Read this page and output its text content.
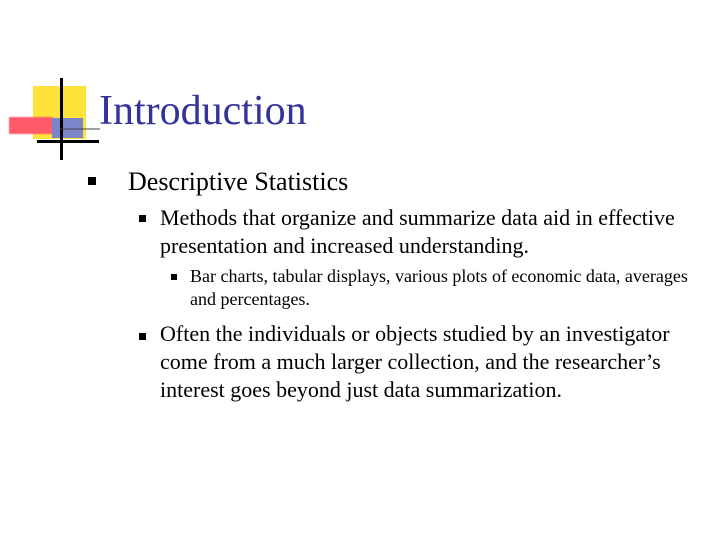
Introduction
Descriptive Statistics
Methods that organize and summarize data aid in effective presentation and increased understanding.
Bar charts, tabular displays, various plots of economic data, averages and percentages.
Often the individuals or objects studied by an investigator come from a much larger collection, and the researcher’s interest goes beyond just data summarization.
